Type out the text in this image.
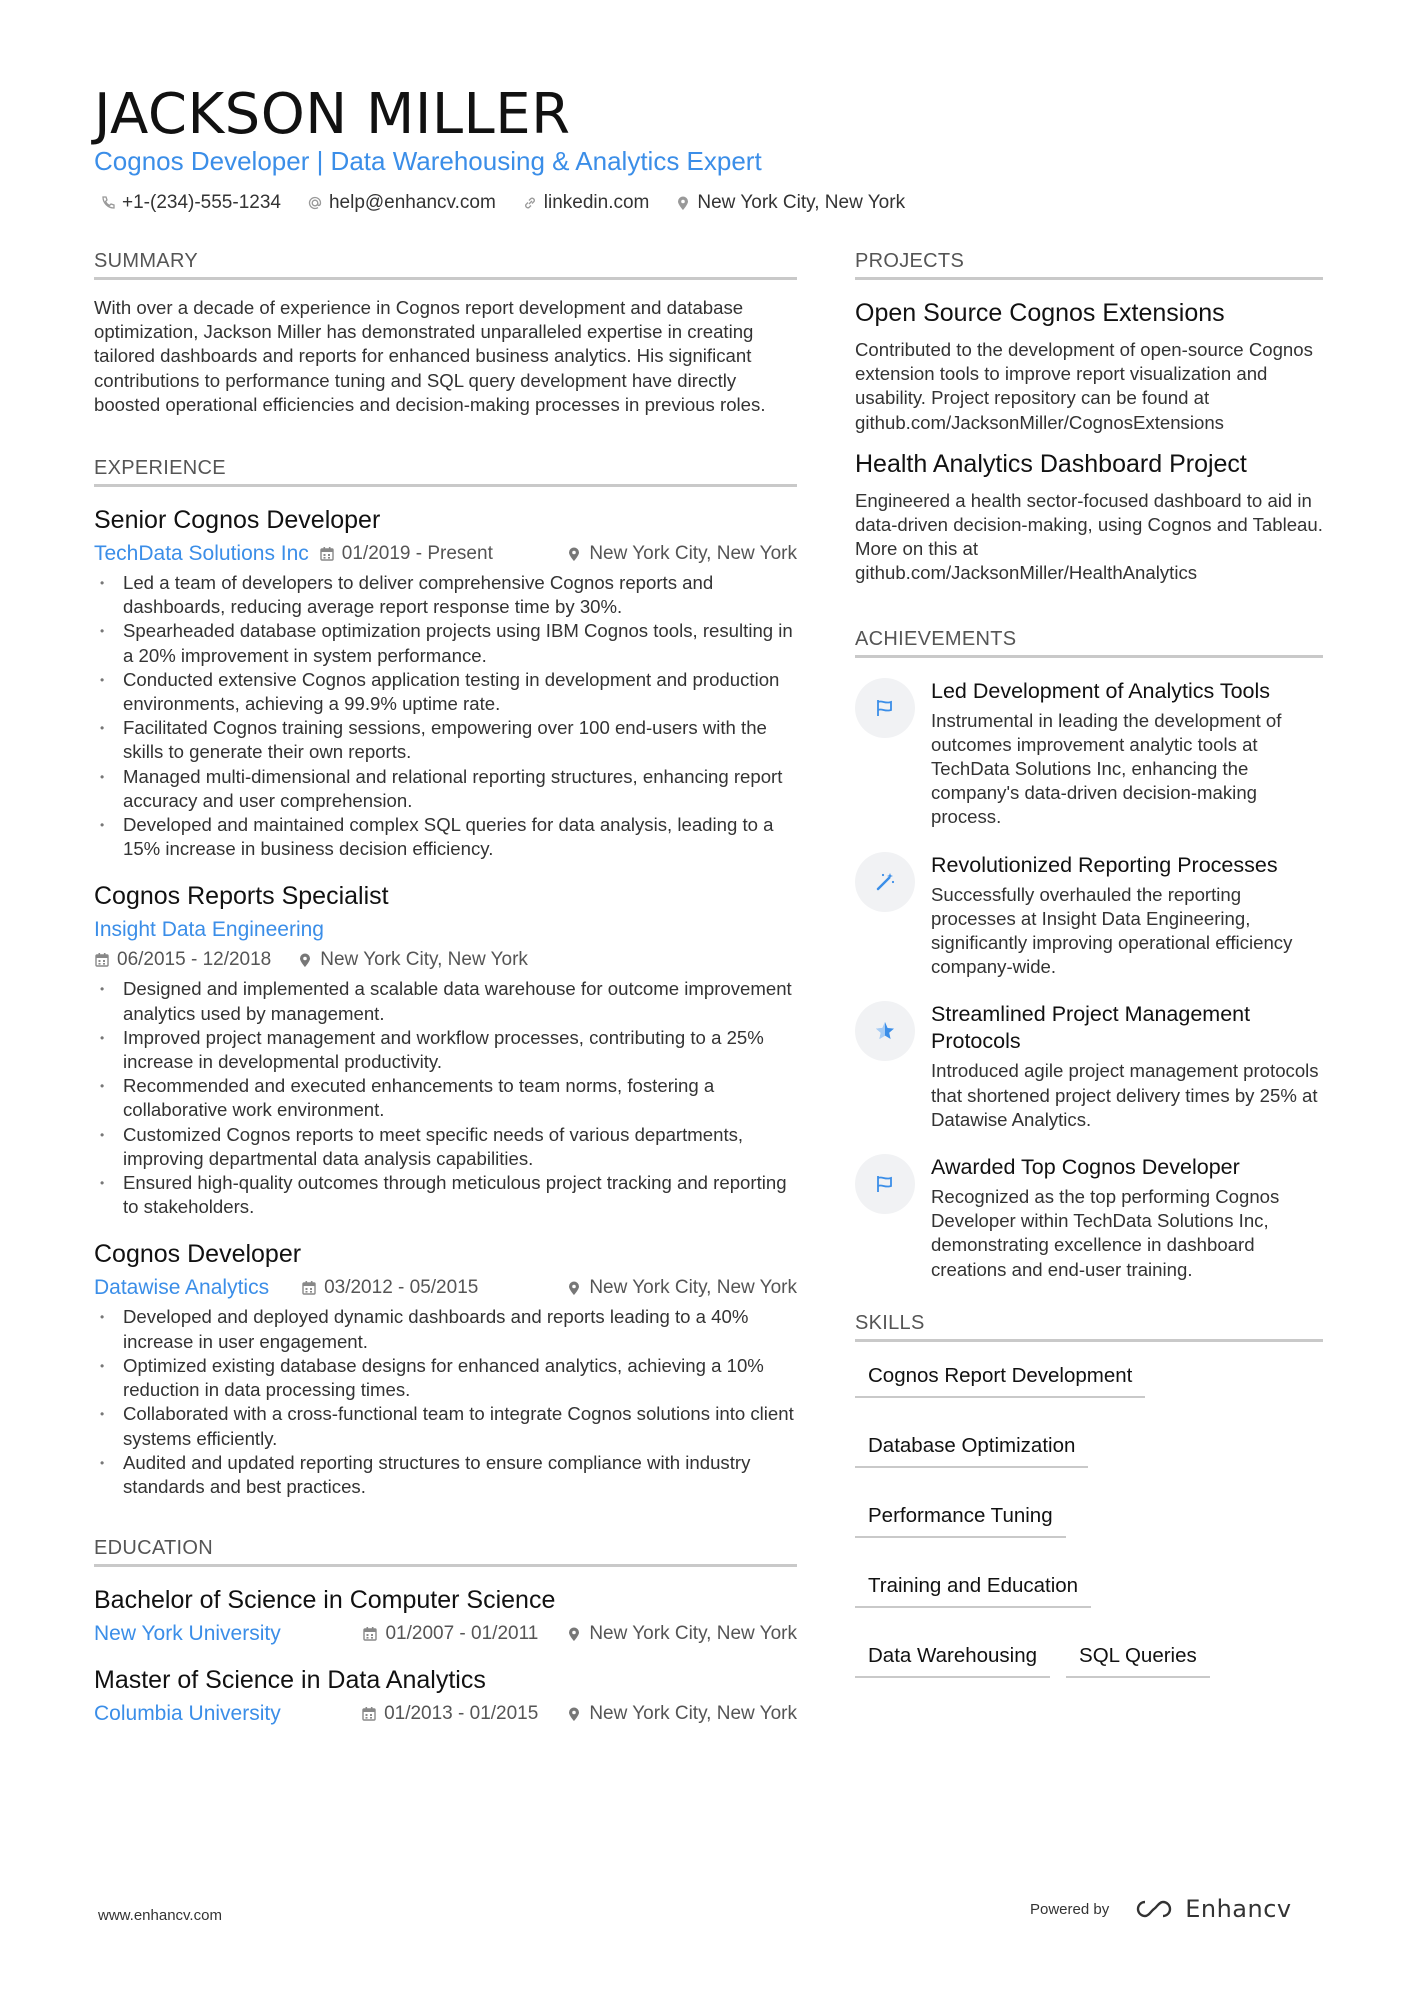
JACKSON MILLER
Cognos Developer | Data Warehousing & Analytics Expert
+1-(234)-555-1234	help@enhancv.com	linkedin.com	New York City, New York
SUMMARY
With over a decade of experience in Cognos report development and database optimization, Jackson Miller has demonstrated unparalleled expertise in creating tailored dashboards and reports for enhanced business analytics. His significant contributions to performance tuning and SQL query development have directly boosted operational efficiencies and decision-making processes in previous roles.
EXPERIENCE
Senior Cognos Developer
TechData Solutions Inc 01/2019 - Present	New York City, New York
• Led a team of developers to deliver comprehensive Cognos reports and dashboards, reducing average report response time by 30%.
• Spearheaded database optimization projects using IBM Cognos tools, resulting in a 20% improvement in system performance.
• Conducted extensive Cognos application testing in development and production environments, achieving a 99.9% uptime rate.
• Facilitated Cognos training sessions, empowering over 100 end-users with the skills to generate their own reports.
• Managed multi-dimensional and relational reporting structures, enhancing report accuracy and user comprehension.
• Developed and maintained complex SQL queries for data analysis, leading to a 15% increase in business decision efficiency.
Cognos Reports Specialist
Insight Data Engineering
06/2015 - 12/2018	New York City, New York
• Designed and implemented a scalable data warehouse for outcome improvement analytics used by management.
• Improved project management and workflow processes, contributing to a 25% increase in developmental productivity.
• Recommended and executed enhancements to team norms, fostering a collaborative work environment.
• Customized Cognos reports to meet specific needs of various departments, improving departmental data analysis capabilities.
• Ensured high-quality outcomes through meticulous project tracking and reporting to stakeholders.
Cognos Developer
Datawise Analytics	03/2012 - 05/2015	New York City, New York
• Developed and deployed dynamic dashboards and reports leading to a 40% increase in user engagement.
• Optimized existing database designs for enhanced analytics, achieving a 10% reduction in data processing times.
• Collaborated with a cross-functional team to integrate Cognos solutions into client systems efficiently.
• Audited and updated reporting structures to ensure compliance with industry standards and best practices.
EDUCATION
Bachelor of Science in Computer Science
New York University	01/2007 - 01/2011	New York City, New York
Master of Science in Data Analytics
Columbia University	01/2013 - 01/2015	New York City, New York
PROJECTS
Open Source Cognos Extensions
Contributed to the development of open-source Cognos extension tools to improve report visualization and usability. Project repository can be found at github.com/JacksonMiller/CognosExtensions
Health Analytics Dashboard Project
Engineered a health sector-focused dashboard to aid in data-driven decision-making, using Cognos and Tableau. More on this at github.com/JacksonMiller/HealthAnalytics
ACHIEVEMENTS
Led Development of Analytics Tools
Instrumental in leading the development of outcomes improvement analytic tools at TechData Solutions Inc, enhancing the company's data-driven decision-making process.
Revolutionized Reporting Processes
Successfully overhauled the reporting processes at Insight Data Engineering, significantly improving operational efficiency company-wide.
Streamlined Project Management Protocols
Introduced agile project management protocols that shortened project delivery times by 25% at Datawise Analytics.
Awarded Top Cognos Developer
Recognized as the top performing Cognos Developer within TechData Solutions Inc, demonstrating excellence in dashboard creations and end-user training.
SKILLS
Cognos Report Development
Database Optimization
Performance Tuning
Training and Education
Data Warehousing	SQL Queries
www.enhancv.com	Powered by	Enhancv
